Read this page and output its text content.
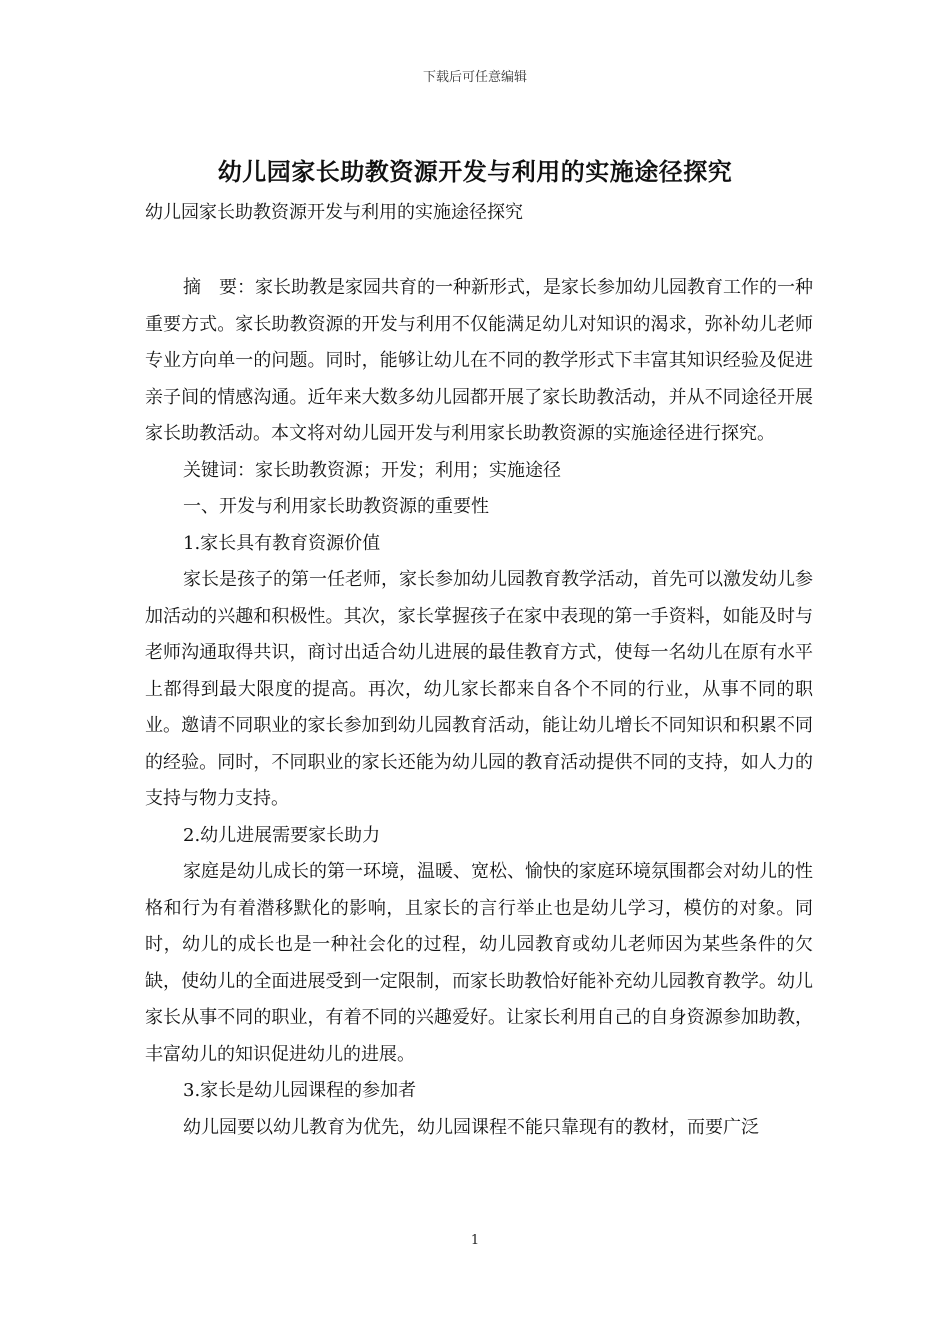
下载后可任意编辑
幼儿园家长助教资源开发与利用的实施途径探究
幼儿园家长助教资源开发与利用的实施途径探究

摘　要：家长助教是家园共育的一种新形式，是家长参加幼儿园教育工作的一种重要方式。家长助教资源的开发与利用不仅能满足幼儿对知识的渴求，弥补幼儿老师专业方向单一的问题。同时，能够让幼儿在不同的教学形式下丰富其知识经验及促进亲子间的情感沟通。近年来大数多幼儿园都开展了家长助教活动，并从不同途径开展家长助教活动。本文将对幼儿园开发与利用家长助教资源的实施途径进行探究。

关键词：家长助教资源；开发；利用；实施途径

一、开发与利用家长助教资源的重要性

1.家长具有教育资源价值

家长是孩子的第一任老师，家长参加幼儿园教育教学活动，首先可以激发幼儿参加活动的兴趣和积极性。其次，家长掌握孩子在家中表现的第一手资料，如能及时与老师沟通取得共识，商讨出适合幼儿进展的最佳教育方式，使每一名幼儿在原有水平上都得到最大限度的提高。再次，幼儿家长都来自各个不同的行业，从事不同的职业。邀请不同职业的家长参加到幼儿园教育活动，能让幼儿增长不同知识和积累不同的经验。同时，不同职业的家长还能为幼儿园的教育活动提供不同的支持，如人力的支持与物力支持。

2.幼儿进展需要家长助力

家庭是幼儿成长的第一环境，温暖、宽松、愉快的家庭环境氛围都会对幼儿的性格和行为有着潜移默化的影响，且家长的言行举止也是幼儿学习，模仿的对象。同时，幼儿的成长也是一种社会化的过程，幼儿园教育或幼儿老师因为某些条件的欠缺，使幼儿的全面进展受到一定限制，而家长助教恰好能补充幼儿园教育教学。幼儿家长从事不同的职业，有着不同的兴趣爱好。让家长利用自己的自身资源参加助教，丰富幼儿的知识促进幼儿的进展。

3.家长是幼儿园课程的参加者

幼儿园要以幼儿教育为优先，幼儿园课程不能只靠现有的教材，而要广泛

1
